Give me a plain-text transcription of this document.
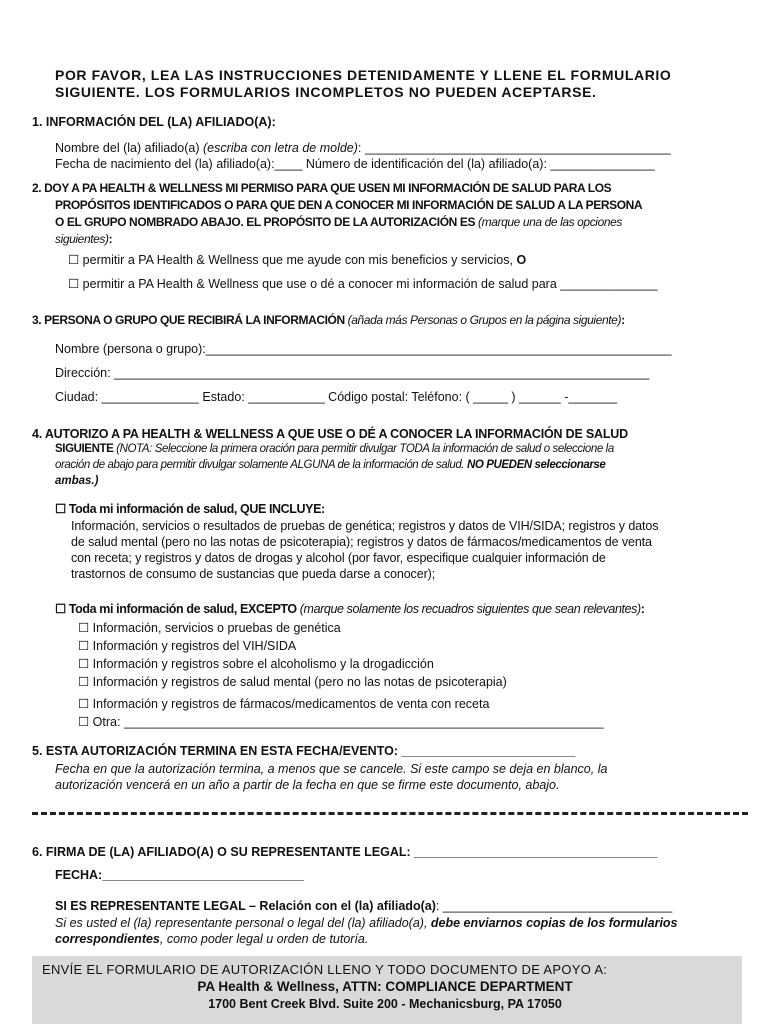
POR FAVOR, LEA LAS INSTRUCCIONES DETENIDAMENTE Y LLENE EL FORMULARIO
SIGUIENTE. LOS FORMULARIOS INCOMPLETOS NO PUEDEN ACEPTARSE.
1. INFORMACIÓN DEL (LA) AFILIADO(A):
Nombre del (la) afiliado(a) (escriba con letra de molde): ____________________________________________
Fecha de nacimiento del (la) afiliado(a):____ Número de identificación del (la) afiliado(a): _______________
2. DOY A PA HEALTH & WELLNESS MI PERMISO PARA QUE USEN MI INFORMACIÓN DE SALUD PARA LOS
PROPÓSITOS IDENTIFICADOS O PARA QUE DEN A CONOCER MI INFORMACIÓN DE SALUD A LA PERSONA
O EL GRUPO NOMBRADO ABAJO. EL PROPÓSITO DE LA AUTORIZACIÓN ES (marque una de las opciones
siguientes):
☐ permitir a PA Health & Wellness que me ayude con mis beneficios y servicios, O
☐ permitir a PA Health & Wellness que use o dé a conocer mi información de salud para ______________
3. PERSONA O GRUPO QUE RECIBIRÁ LA INFORMACIÓN (añada más Personas o Grupos en la página siguiente):
Nombre (persona o grupo):___________________________________________________________________
Dirección: _____________________________________________________________________________
Ciudad: ______________ Estado: ___________ Código postal: Teléfono: ( _____ ) ______ -_______
4. AUTORIZO A PA HEALTH & WELLNESS A QUE USE O DÉ A CONOCER LA INFORMACIÓN DE SALUD
SIGUIENTE (NOTA: Seleccione la primera oración para permitir divulgar TODA la información de salud o seleccione la
oración de abajo para permitir divulgar solamente ALGUNA de la información de salud. NO PUEDEN seleccionarse
ambas.)
☐ Toda mi información de salud, QUE INCLUYE:
Información, servicios o resultados de pruebas de genética; registros y datos de VIH/SIDA; registros y datos
de salud mental (pero no las notas de psicoterapia); registros y datos de fármacos/medicamentos de venta
con receta; y registros y datos de drogas y alcohol (por favor, especifique cualquier información de
trastornos de consumo de sustancias que pueda darse a conocer);
☐ Toda mi información de salud, EXCEPTO (marque solamente los recuadros siguientes que sean relevantes):
☐ Información, servicios o pruebas de genética
☐ Información y registros del VIH/SIDA
☐ Información y registros sobre el alcoholismo y la drogadicción
☐ Información y registros de salud mental (pero no las notas de psicoterapia)
☐ Información y registros de fármacos/medicamentos de venta con receta
☐ Otra: _____________________________________________________________________
5. ESTA AUTORIZACIÓN TERMINA EN ESTA FECHA/EVENTO: _________________________
Fecha en que la autorización termina, a menos que se cancele. Si este campo se deja en blanco, la
autorización vencerá en un año a partir de la fecha en que se firme este documento, abajo.
6. FIRMA DE (LA) AFILIADO(A) O SU REPRESENTANTE LEGAL: ___________________________________
FECHA:_____________________________
SI ES REPRESENTANTE LEGAL – Relación con el (la) afiliado(a): _________________________________
Si es usted el (la) representante personal o legal del (la) afiliado(a), debe enviarnos copias de los formularios
correspondientes, como poder legal u orden de tutoría.
ENVÍE EL FORMULARIO DE AUTORIZACIÓN LLENO Y TODO DOCUMENTO DE APOYO A:
PA Health & Wellness, ATTN: COMPLIANCE DEPARTMENT
1700 Bent Creek Blvd. Suite 200 - Mechanicsburg, PA 17050
